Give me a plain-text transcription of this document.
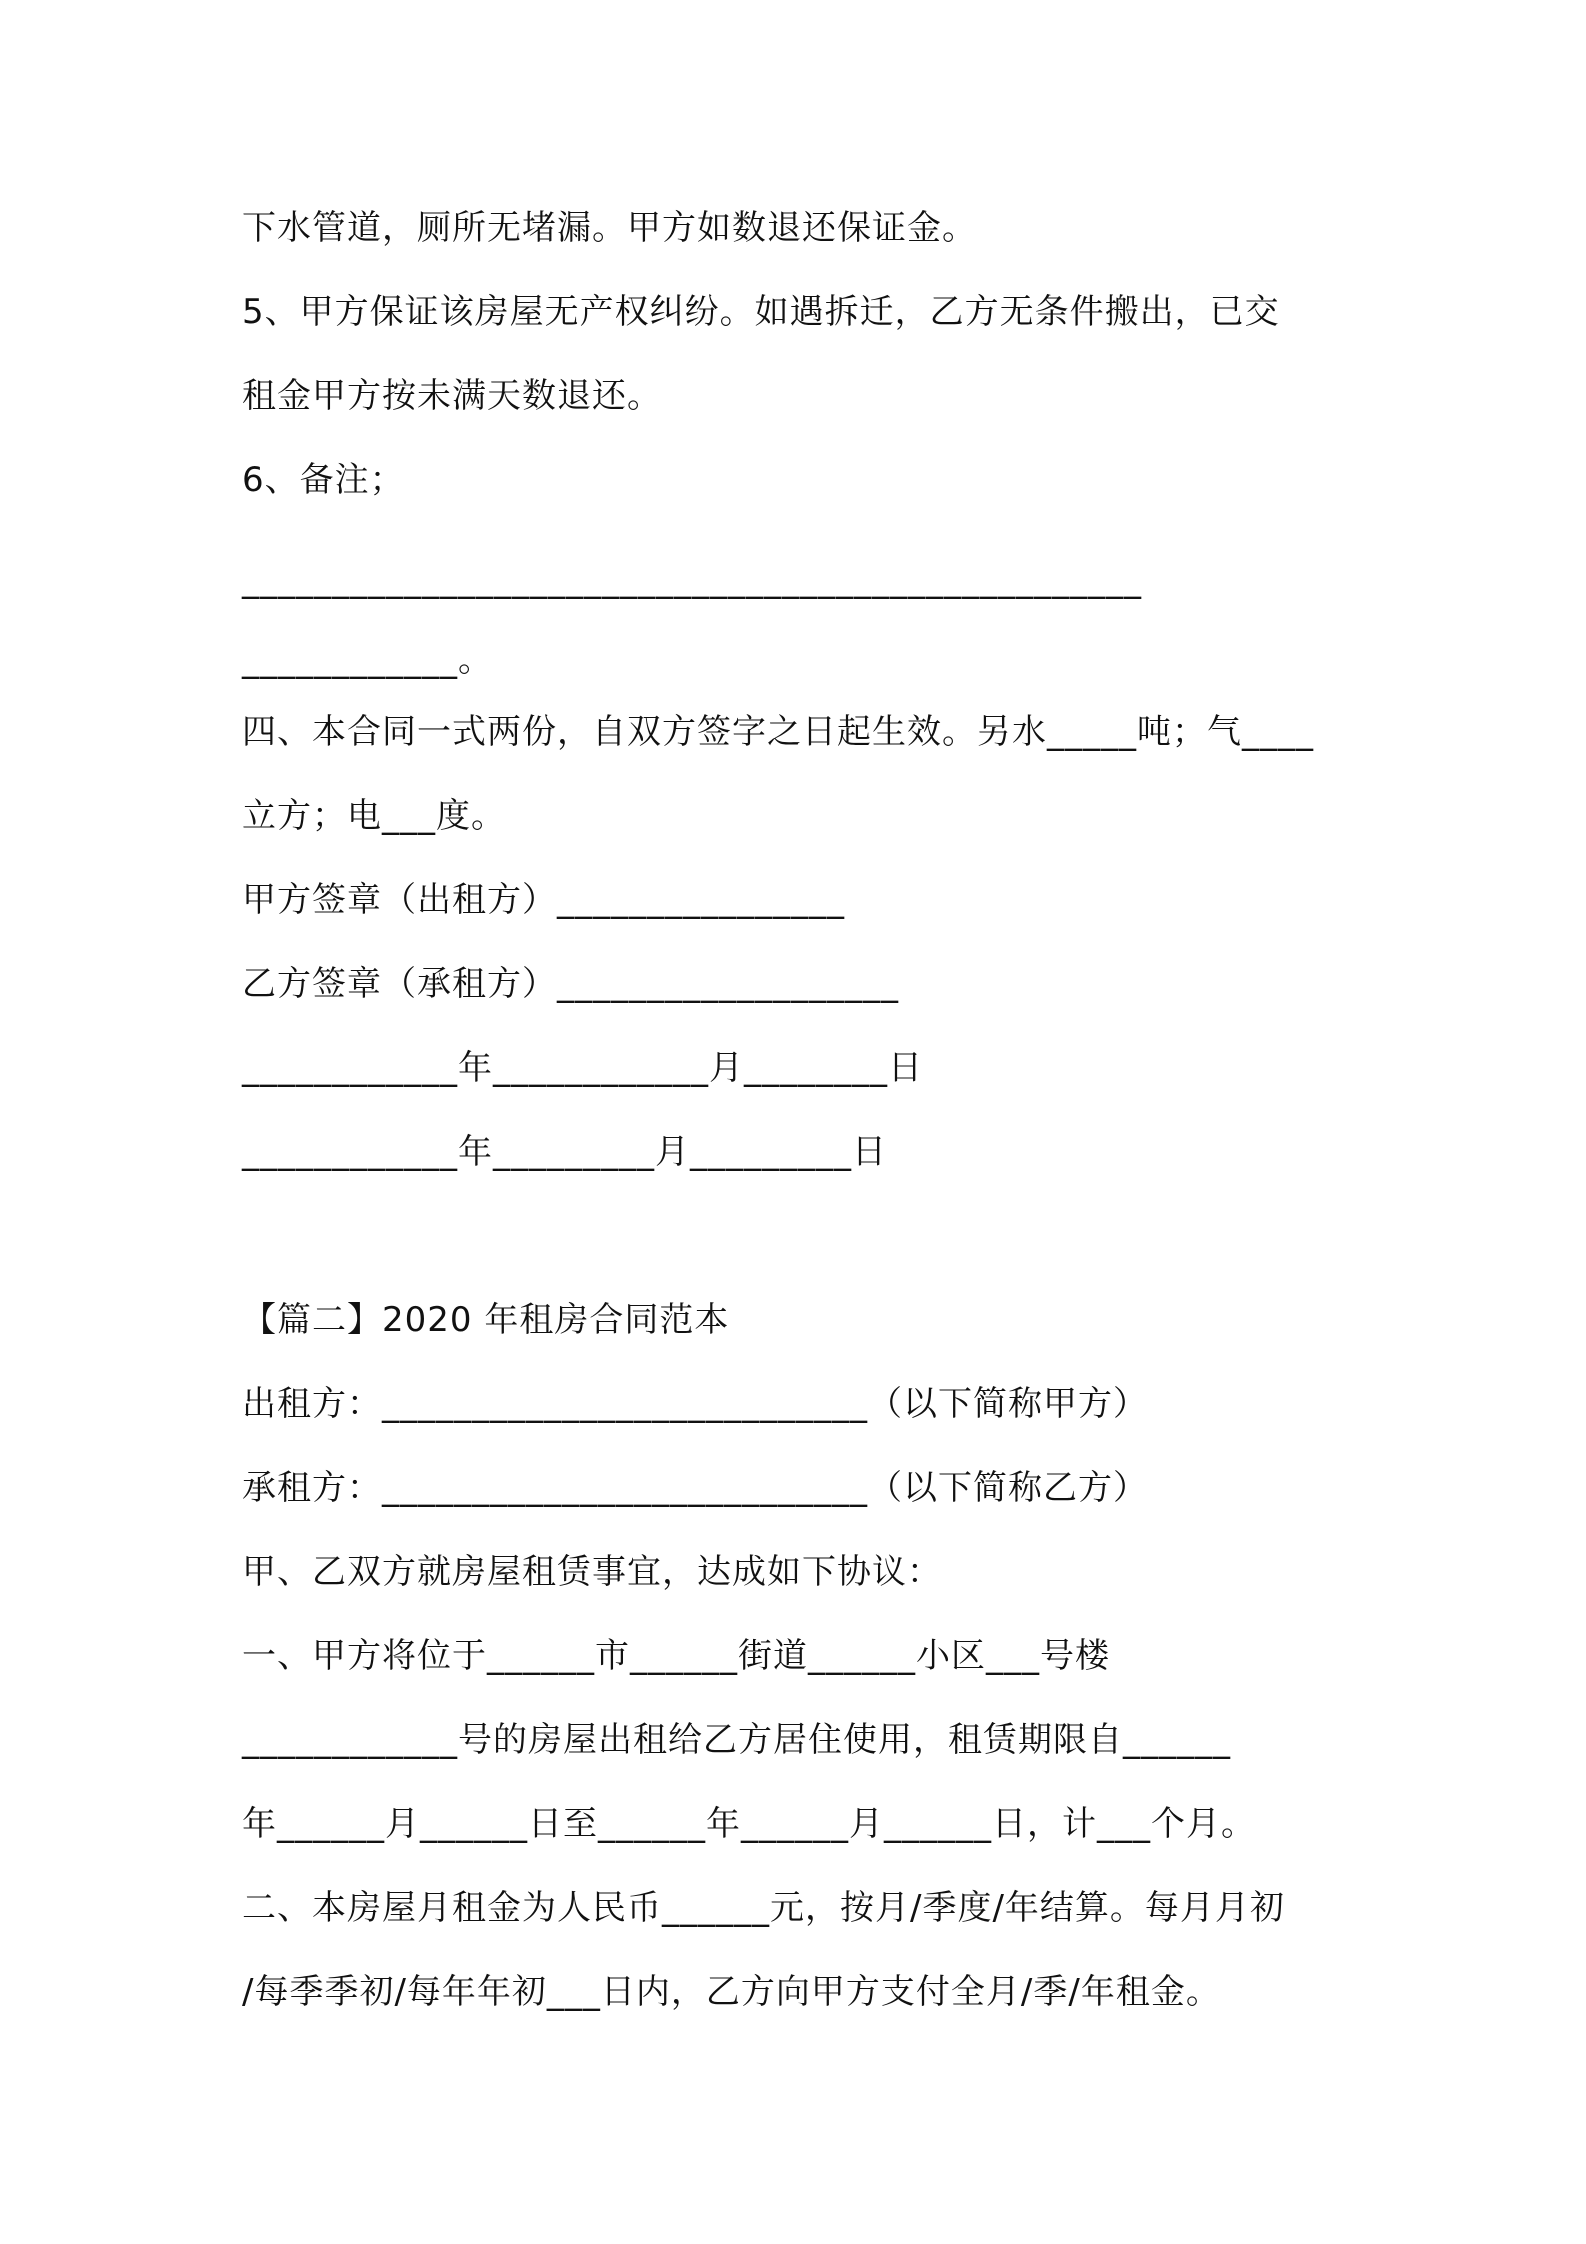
下水管道，厕所无堵漏。甲方如数退还保证金。
5、甲方保证该房屋无产权纠纷。如遇拆迁，乙方无条件搬出，已交
租金甲方按未满天数退还。
6、备注；
__________________________________________________
____________。
四、本合同一式两份，自双方签字之日起生效。另水_____吨；气____
立方；电___度。
甲方签章（出租方）________________
乙方签章（承租方）___________________
____________年____________月________日
____________年_________月_________日
【篇二】2020 年租房合同范本
出租方：___________________________（以下简称甲方）
承租方：___________________________（以下简称乙方）
甲、乙双方就房屋租赁事宜，达成如下协议：
一、甲方将位于______市______街道______小区___号楼
____________号的房屋出租给乙方居住使用，租赁期限自______
年______月______日至______年______月______日，计___个月。
二、本房屋月租金为人民币______元，按月/季度/年结算。每月月初
/每季季初/每年年初___日内，乙方向甲方支付全月/季/年租金。
